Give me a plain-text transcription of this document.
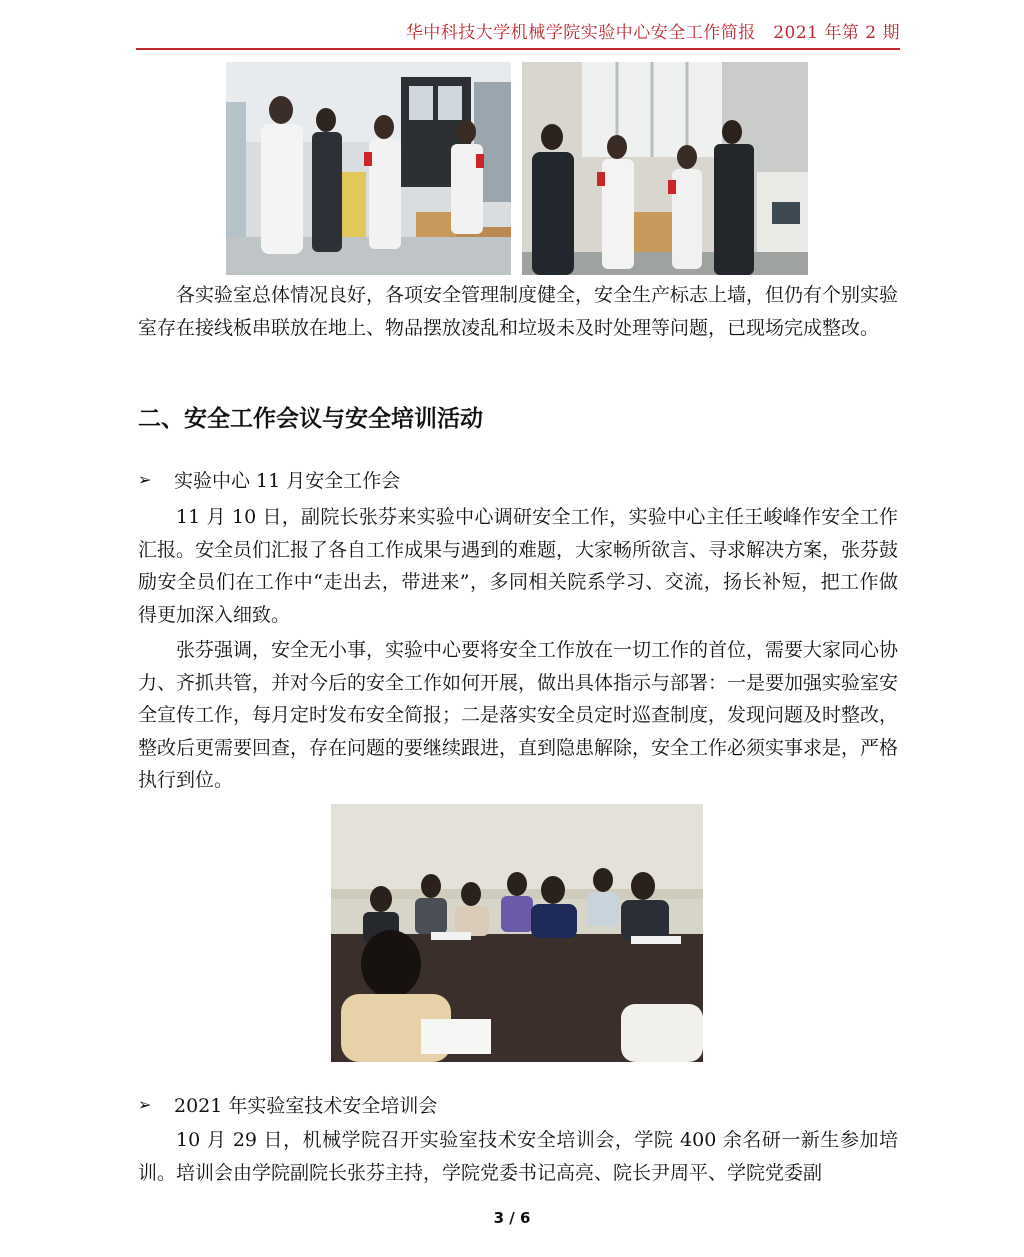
华中科技大学机械学院实验中心安全工作简报　2021 年第 2 期

各实验室总体情况良好，各项安全管理制度健全，安全生产标志上墙，但仍有个别实验室存在接线板串联放在地上、物品摆放凌乱和垃圾未及时处理等问题，已现场完成整改。

二、安全工作会议与安全培训活动
➢	实验中心 11 月安全工作会

11 月 10 日，副院长张芬来实验中心调研安全工作，实验中心主任王峻峰作安全工作汇报。安全员们汇报了各自工作成果与遇到的难题，大家畅所欲言、寻求解决方案，张芬鼓励安全员们在工作中“走出去，带进来”，多同相关院系学习、交流，扬长补短，把工作做得更加深入细致。

张芬强调，安全无小事，实验中心要将安全工作放在一切工作的首位，需要大家同心协力、齐抓共管，并对今后的安全工作如何开展，做出具体指示与部署：一是要加强实验室安全宣传工作，每月定时发布安全简报；二是落实安全员定时巡查制度，发现问题及时整改，整改后更需要回查，存在问题的要继续跟进，直到隐患解除，安全工作必须实事求是，严格执行到位。

➢	2021 年实验室技术安全培训会

10 月 29 日，机械学院召开实验室技术安全培训会，学院 400 余名研一新生参加培训。培训会由学院副院长张芬主持，学院党委书记高亮、院长尹周平、学院党委副

3 / 6
